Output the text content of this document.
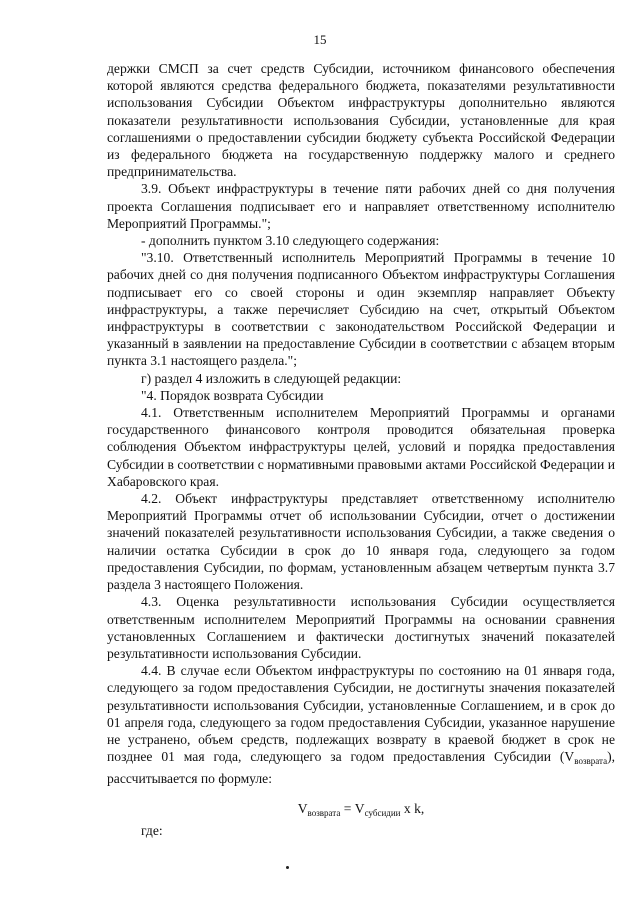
15

держки СМСП за счет средств Субсидии, источником финансового обеспечения которой являются средства федерального бюджета, показателями результативности использования Субсидии Объектом инфраструктуры дополнительно являются показатели результативности использования Субсидии, установленные для края соглашениями о предоставлении субсидии бюджету субъекта Российской Федерации из федерального бюджета на государственную поддержку малого и среднего предпринимательства.

3.9. Объект инфраструктуры в течение пяти рабочих дней со дня получения проекта Соглашения подписывает его и направляет ответственному исполнителю Мероприятий Программы.";

- дополнить пунктом 3.10 следующего содержания:

"3.10. Ответственный исполнитель Мероприятий Программы в течение 10 рабочих дней со дня получения подписанного Объектом инфраструктуры Соглашения подписывает его со своей стороны и один экземпляр направляет Объекту инфраструктуры, а также перечисляет Субсидию на счет, открытый Объектом инфраструктуры в соответствии с законодательством Российской Федерации и указанный в заявлении на предоставление Субсидии в соответствии с абзацем вторым пункта 3.1 настоящего раздела.";

г) раздел 4 изложить в следующей редакции:

"4. Порядок возврата Субсидии

4.1. Ответственным исполнителем Мероприятий Программы и органами государственного финансового контроля проводится обязательная проверка соблюдения Объектом инфраструктуры целей, условий и порядка предоставления Субсидии в соответствии с нормативными правовыми актами Российской Федерации и Хабаровского края.

4.2. Объект инфраструктуры представляет ответственному исполнителю Мероприятий Программы отчет об использовании Субсидии, отчет о достижении значений показателей результативности использования Субсидии, а также сведения о наличии остатка Субсидии в срок до 10 января года, следующего за годом предоставления Субсидии, по формам, установленным абзацем четвертым пункта 3.7 раздела 3 настоящего Положения.

4.3. Оценка результативности использования Субсидии осуществляется ответственным исполнителем Мероприятий Программы на основании сравнения установленных Соглашением и фактически достигнутых значений показателей результативности использования Субсидии.

4.4. В случае если Объектом инфраструктуры по состоянию на 01 января года, следующего за годом предоставления Субсидии, не достигнуты значения показателей результативности использования Субсидии, установленные Соглашением, и в срок до 01 апреля года, следующего за годом предоставления Субсидии, указанное нарушение не устранено, объем средств, подлежащих возврату в краевой бюджет в срок не позднее 01 мая года, следующего за годом предоставления Субсидии $(V_{возврата})$, рассчитывается по формуле:

$V_{возврата} = V_{субсидии}$ x k,

где:
